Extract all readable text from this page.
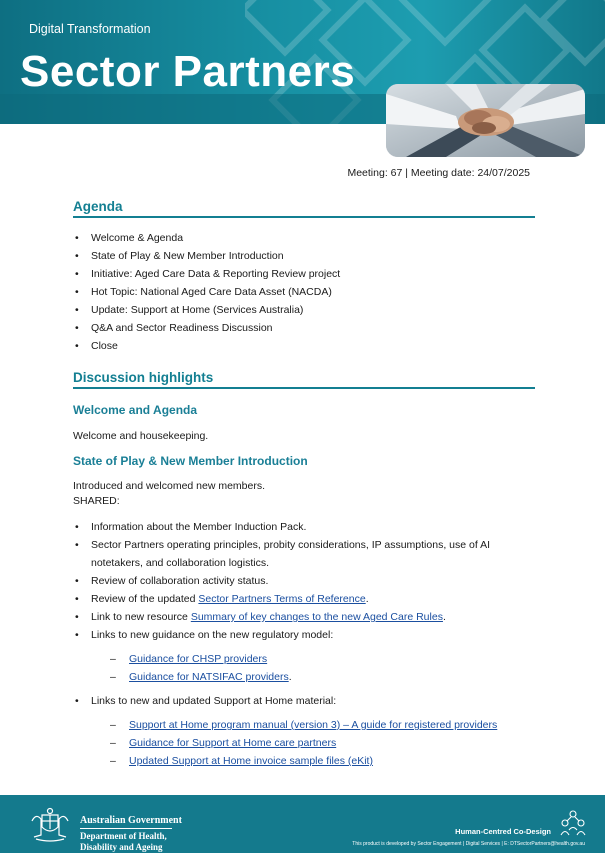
Digital Transformation
Sector Partners
Meeting: 67 | Meeting date: 24/07/2025
Agenda
• Welcome & Agenda
• State of Play & New Member Introduction
• Initiative: Aged Care Data & Reporting Review project
• Hot Topic: National Aged Care Data Asset (NACDA)
• Update: Support at Home (Services Australia)
• Q&A and Sector Readiness Discussion
• Close
Discussion highlights
Welcome and Agenda
Welcome and housekeeping.
State of Play & New Member Introduction
Introduced and welcomed new members.
SHARED:
• Information about the Member Induction Pack.
• Sector Partners operating principles, probity considerations, IP assumptions, use of AI
notetakers, and collaboration logistics.
• Review of collaboration activity status.
• Review of the updated Sector Partners Terms of Reference.
• Link to new resource Summary of key changes to the new Aged Care Rules.
• Links to new guidance on the new regulatory model:
– Guidance for CHSP providers
– Guidance for NATSIFAC providers.
• Links to new and updated Support at Home material:
– Support at Home program manual (version 3) – A guide for registered providers
– Guidance for Support at Home care partners
– Updated Support at Home invoice sample files (eKit)
Australian Government
Department of Health,
Disability and Ageing
Human-Centred Co-Design
This product is developed by Sector Engagement | Digital Services | E: DTSectorPartners@health.gov.au
